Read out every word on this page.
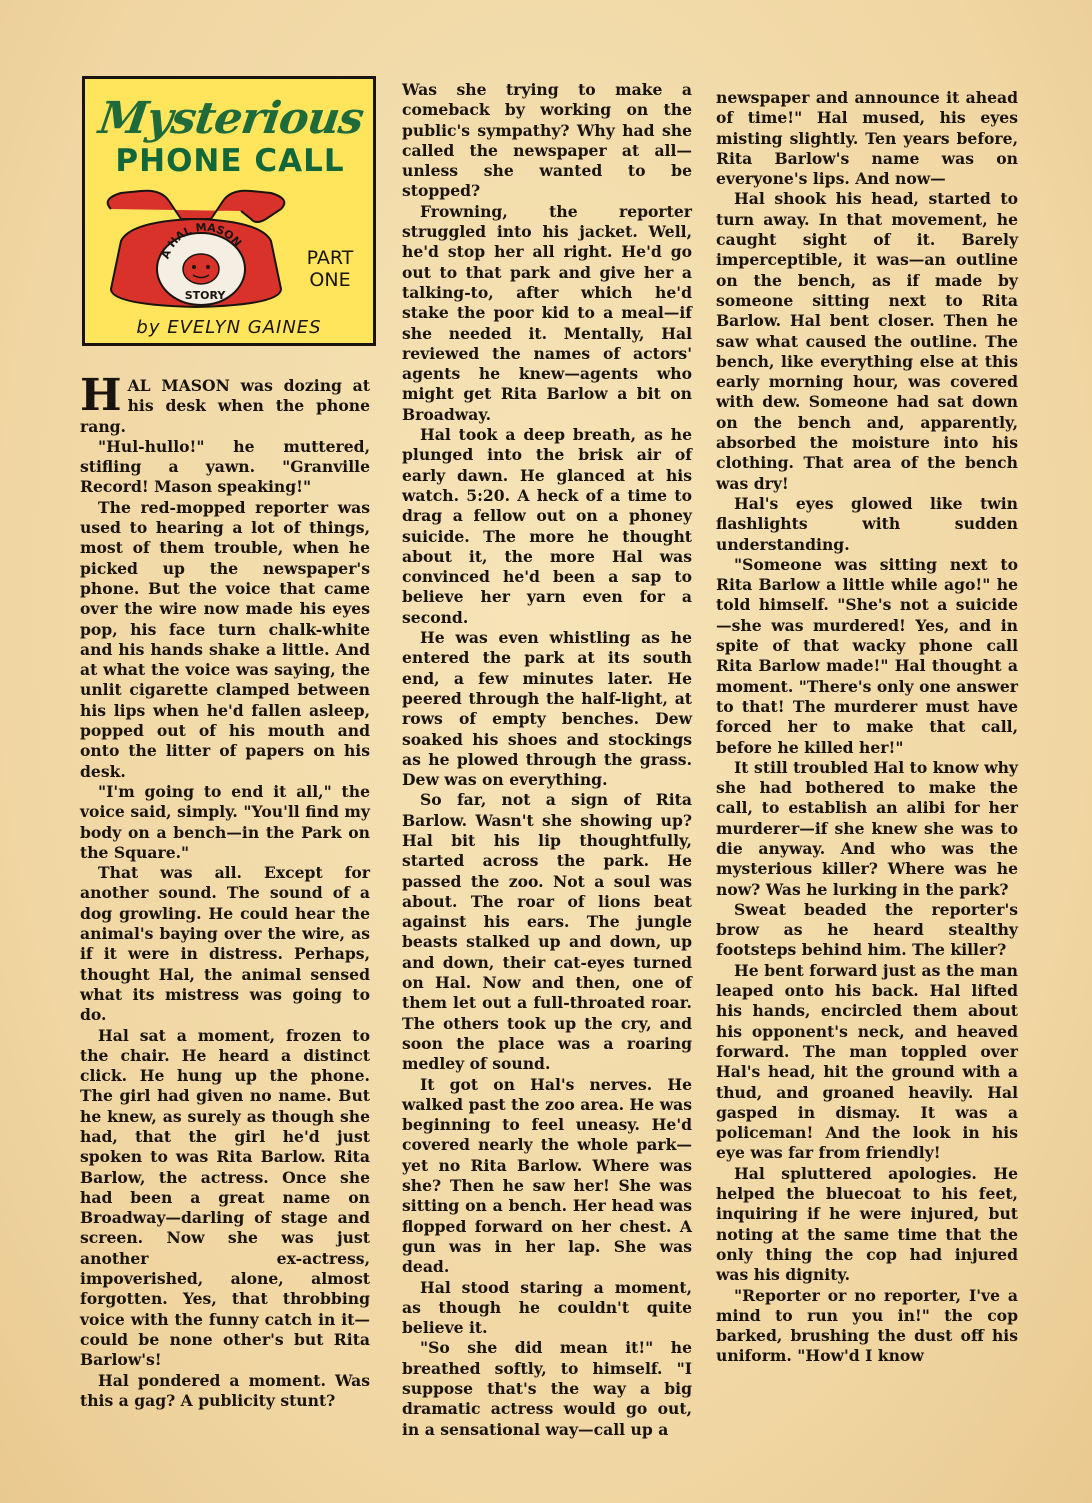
Mysterious
PHONE CALL
A HAL MASON
STORY
PART
ONE
by EVELYN GAINES

HAL MASON was dozing at his desk when the phone rang.

"Hul-hullo!" he muttered, stifling a yawn. "Granville Record! Mason speaking!"

The red-mopped reporter was used to hearing a lot of things, most of them trouble, when he picked up the newspaper's phone. But the voice that came over the wire now made his eyes pop, his face turn chalk-white and his hands shake a little. And at what the voice was saying, the unlit cigarette clamped between his lips when he'd fallen asleep, popped out of his mouth and onto the litter of papers on his desk.

"I'm going to end it all," the voice said, simply. "You'll find my body on a bench—in the Park on the Square."

That was all. Except for another sound. The sound of a dog growling. He could hear the animal's baying over the wire, as if it were in distress. Perhaps, thought Hal, the animal sensed what its mistress was going to do.

Hal sat a moment, frozen to the chair. He heard a distinct click. He hung up the phone. The girl had given no name. But he knew, as surely as though she had, that the girl he'd just spoken to was Rita Barlow. Rita Barlow, the actress. Once she had been a great name on Broadway—darling of stage and screen. Now she was just another ex-actress, impoverished, alone, almost forgotten. Yes, that throbbing voice with the funny catch in it—could be none other's but Rita Barlow's!

Hal pondered a moment. Was this a gag? A publicity stunt?

Was she trying to make a comeback by working on the public's sympathy? Why had she called the newspaper at all—unless she wanted to be stopped?

Frowning, the reporter struggled into his jacket. Well, he'd stop her all right. He'd go out to that park and give her a talking-to, after which he'd stake the poor kid to a meal—if she needed it. Mentally, Hal reviewed the names of actors' agents he knew—agents who might get Rita Barlow a bit on Broadway.

Hal took a deep breath, as he plunged into the brisk air of early dawn. He glanced at his watch. 5:20. A heck of a time to drag a fellow out on a phoney suicide. The more he thought about it, the more Hal was convinced he'd been a sap to believe her yarn even for a second.

He was even whistling as he entered the park at its south end, a few minutes later. He peered through the half-light, at rows of empty benches. Dew soaked his shoes and stockings as he plowed through the grass. Dew was on everything.

So far, not a sign of Rita Barlow. Wasn't she showing up? Hal bit his lip thoughtfully, started across the park. He passed the zoo. Not a soul was about. The roar of lions beat against his ears. The jungle beasts stalked up and down, up and down, their cat-eyes turned on Hal. Now and then, one of them let out a full-throated roar. The others took up the cry, and soon the place was a roaring medley of sound.

It got on Hal's nerves. He walked past the zoo area. He was beginning to feel uneasy. He'd covered nearly the whole park—yet no Rita Barlow. Where was she? Then he saw her! She was sitting on a bench. Her head was flopped forward on her chest. A gun was in her lap. She was dead.

Hal stood staring a moment, as though he couldn't quite believe it.

"So she did mean it!" he breathed softly, to himself. "I suppose that's the way a big dramatic actress would go out, in a sensational way—call up a

newspaper and announce it ahead of time!" Hal mused, his eyes misting slightly. Ten years before, Rita Barlow's name was on everyone's lips. And now—

Hal shook his head, started to turn away. In that movement, he caught sight of it. Barely imperceptible, it was—an outline on the bench, as if made by someone sitting next to Rita Barlow. Hal bent closer. Then he saw what caused the outline. The bench, like everything else at this early morning hour, was covered with dew. Someone had sat down on the bench and, apparently, absorbed the moisture into his clothing. That area of the bench was dry!

Hal's eyes glowed like twin flashlights with sudden understanding.

"Someone was sitting next to Rita Barlow a little while ago!" he told himself. "She's not a suicide—she was murdered! Yes, and in spite of that wacky phone call Rita Barlow made!" Hal thought a moment. "There's only one answer to that! The murderer must have forced her to make that call, before he killed her!"

It still troubled Hal to know why she had bothered to make the call, to establish an alibi for her murderer—if she knew she was to die anyway. And who was the mysterious killer? Where was he now? Was he lurking in the park?

Sweat beaded the reporter's brow as he heard stealthy footsteps behind him. The killer?

He bent forward just as the man leaped onto his back. Hal lifted his hands, encircled them about his opponent's neck, and heaved forward. The man toppled over Hal's head, hit the ground with a thud, and groaned heavily. Hal gasped in dismay. It was a policeman! And the look in his eye was far from friendly!

Hal spluttered apologies. He helped the bluecoat to his feet, inquiring if he were injured, but noting at the same time that the only thing the cop had injured was his dignity.

"Reporter or no reporter, I've a mind to run you in!" the cop barked, brushing the dust off his uniform. "How'd I know
